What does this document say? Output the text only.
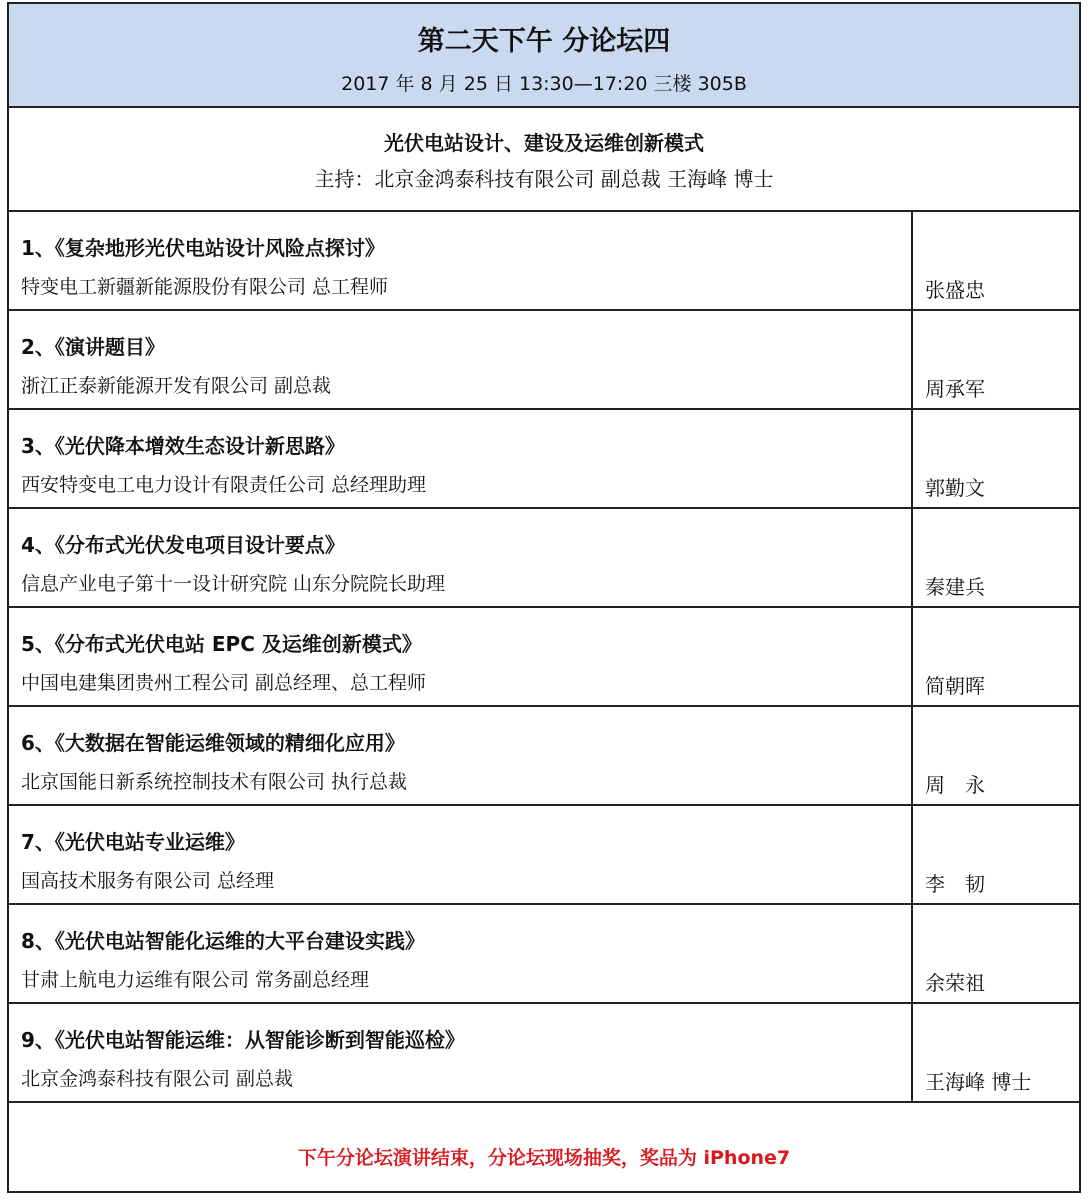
第二天下午 分论坛四
2017 年 8 月 25 日 13:30—17:20 三楼 305B
光伏电站设计、建设及运维创新模式
主持：北京金鸿泰科技有限公司 副总裁 王海峰 博士
1、《复杂地形光伏电站设计风险点探讨》
特变电工新疆新能源股份有限公司 总工程师	张盛忠
2、《演讲题目》
浙江正泰新能源开发有限公司 副总裁	周承军
3、《光伏降本增效生态设计新思路》
西安特变电工电力设计有限责任公司 总经理助理	郭勤文
4、《分布式光伏发电项目设计要点》
信息产业电子第十一设计研究院 山东分院院长助理	秦建兵
5、《分布式光伏电站 EPC 及运维创新模式》
中国电建集团贵州工程公司 副总经理、总工程师	简朝晖
6、《大数据在智能运维领域的精细化应用》
北京国能日新系统控制技术有限公司 执行总裁	周　永
7、《光伏电站专业运维》
国高技术服务有限公司 总经理	李　韧
8、《光伏电站智能化运维的大平台建设实践》
甘肃上航电力运维有限公司 常务副总经理	余荣祖
9、《光伏电站智能运维：从智能诊断到智能巡检》
北京金鸿泰科技有限公司 副总裁	王海峰 博士
下午分论坛演讲结束，分论坛现场抽奖，奖品为 iPhone7
